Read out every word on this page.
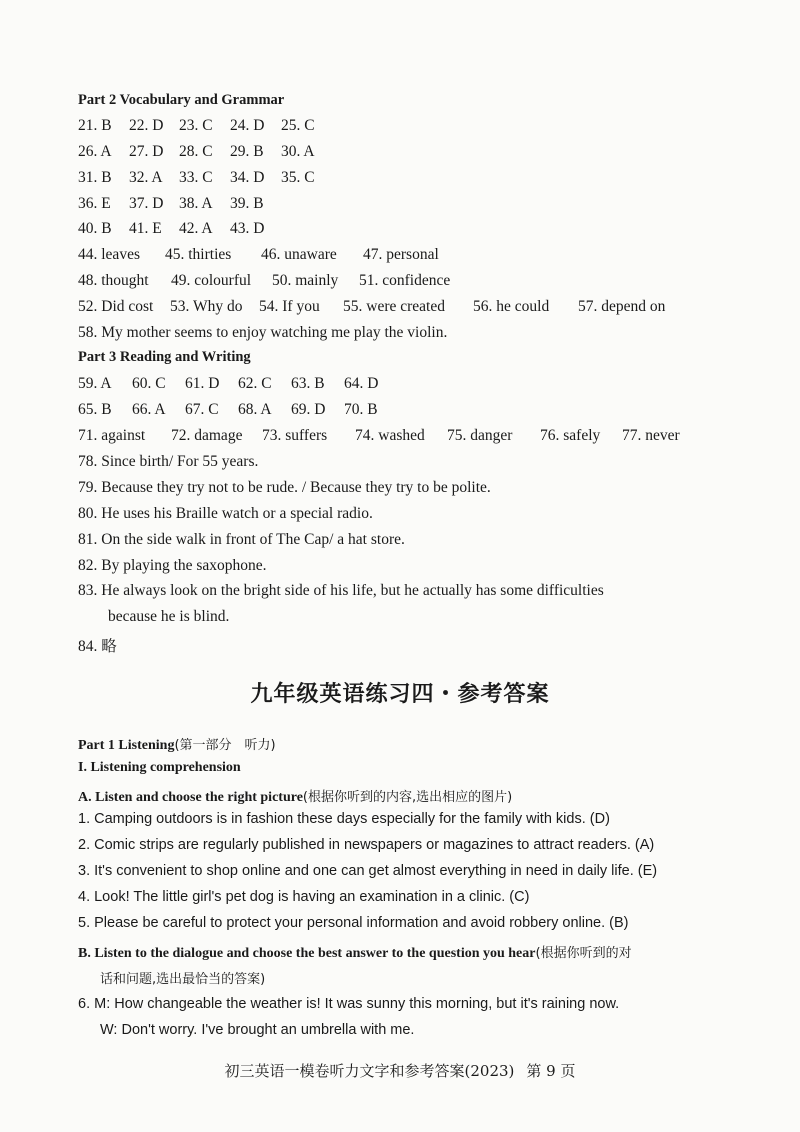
Part 2 Vocabulary and Grammar
21. B 22. D 23. C 24. D 25. C
26. A 27. D 28. C 29. B 30. A
31. B 32. A 33. C 34. D 35. C
36. E 37. D 38. A 39. B
40. B 41. E 42. A 43. D
44. leaves 45. thirties 46. unaware 47. personal
48. thought 49. colourful 50. mainly 51. confidence
52. Did cost 53. Why do 54. If you 55. were created 56. he could 57. depend on
58. My mother seems to enjoy watching me play the violin.
Part 3 Reading and Writing
59. A 60. C 61. D 62. C 63. B 64. D
65. B 66. A 67. C 68. A 69. D 70. B
71. against 72. damage 73. suffers 74. washed 75. danger 76. safely 77. never
78. Since birth/ For 55 years.
79. Because they try not to be rude. / Because they try to be polite.
80. He uses his Braille watch or a special radio.
81. On the side walk in front of The Cap/ a hat store.
82. By playing the saxophone.
83. He always look on the bright side of his life, but he actually has some difficulties
because he is blind.
84. 略
九年级英语练习四・参考答案
Part 1 Listening(第一部分　听力)
I. Listening comprehension
A. Listen and choose the right picture(根据你听到的内容,选出相应的图片)
1. Camping outdoors is in fashion these days especially for the family with kids. (D)
2. Comic strips are regularly published in newspapers or magazines to attract readers. (A)
3. It's convenient to shop online and one can get almost everything in need in daily life. (E)
4. Look! The little girl's pet dog is having an examination in a clinic. (C)
5. Please be careful to protect your personal information and avoid robbery online. (B)
B. Listen to the dialogue and choose the best answer to the question you hear(根据你听到的对
话和问题,选出最恰当的答案)
6. M: How changeable the weather is! It was sunny this morning, but it's raining now.
W: Don't worry. I've brought an umbrella with me.
初三英语一模卷听力文字和参考答案(2023) 第 9 页
